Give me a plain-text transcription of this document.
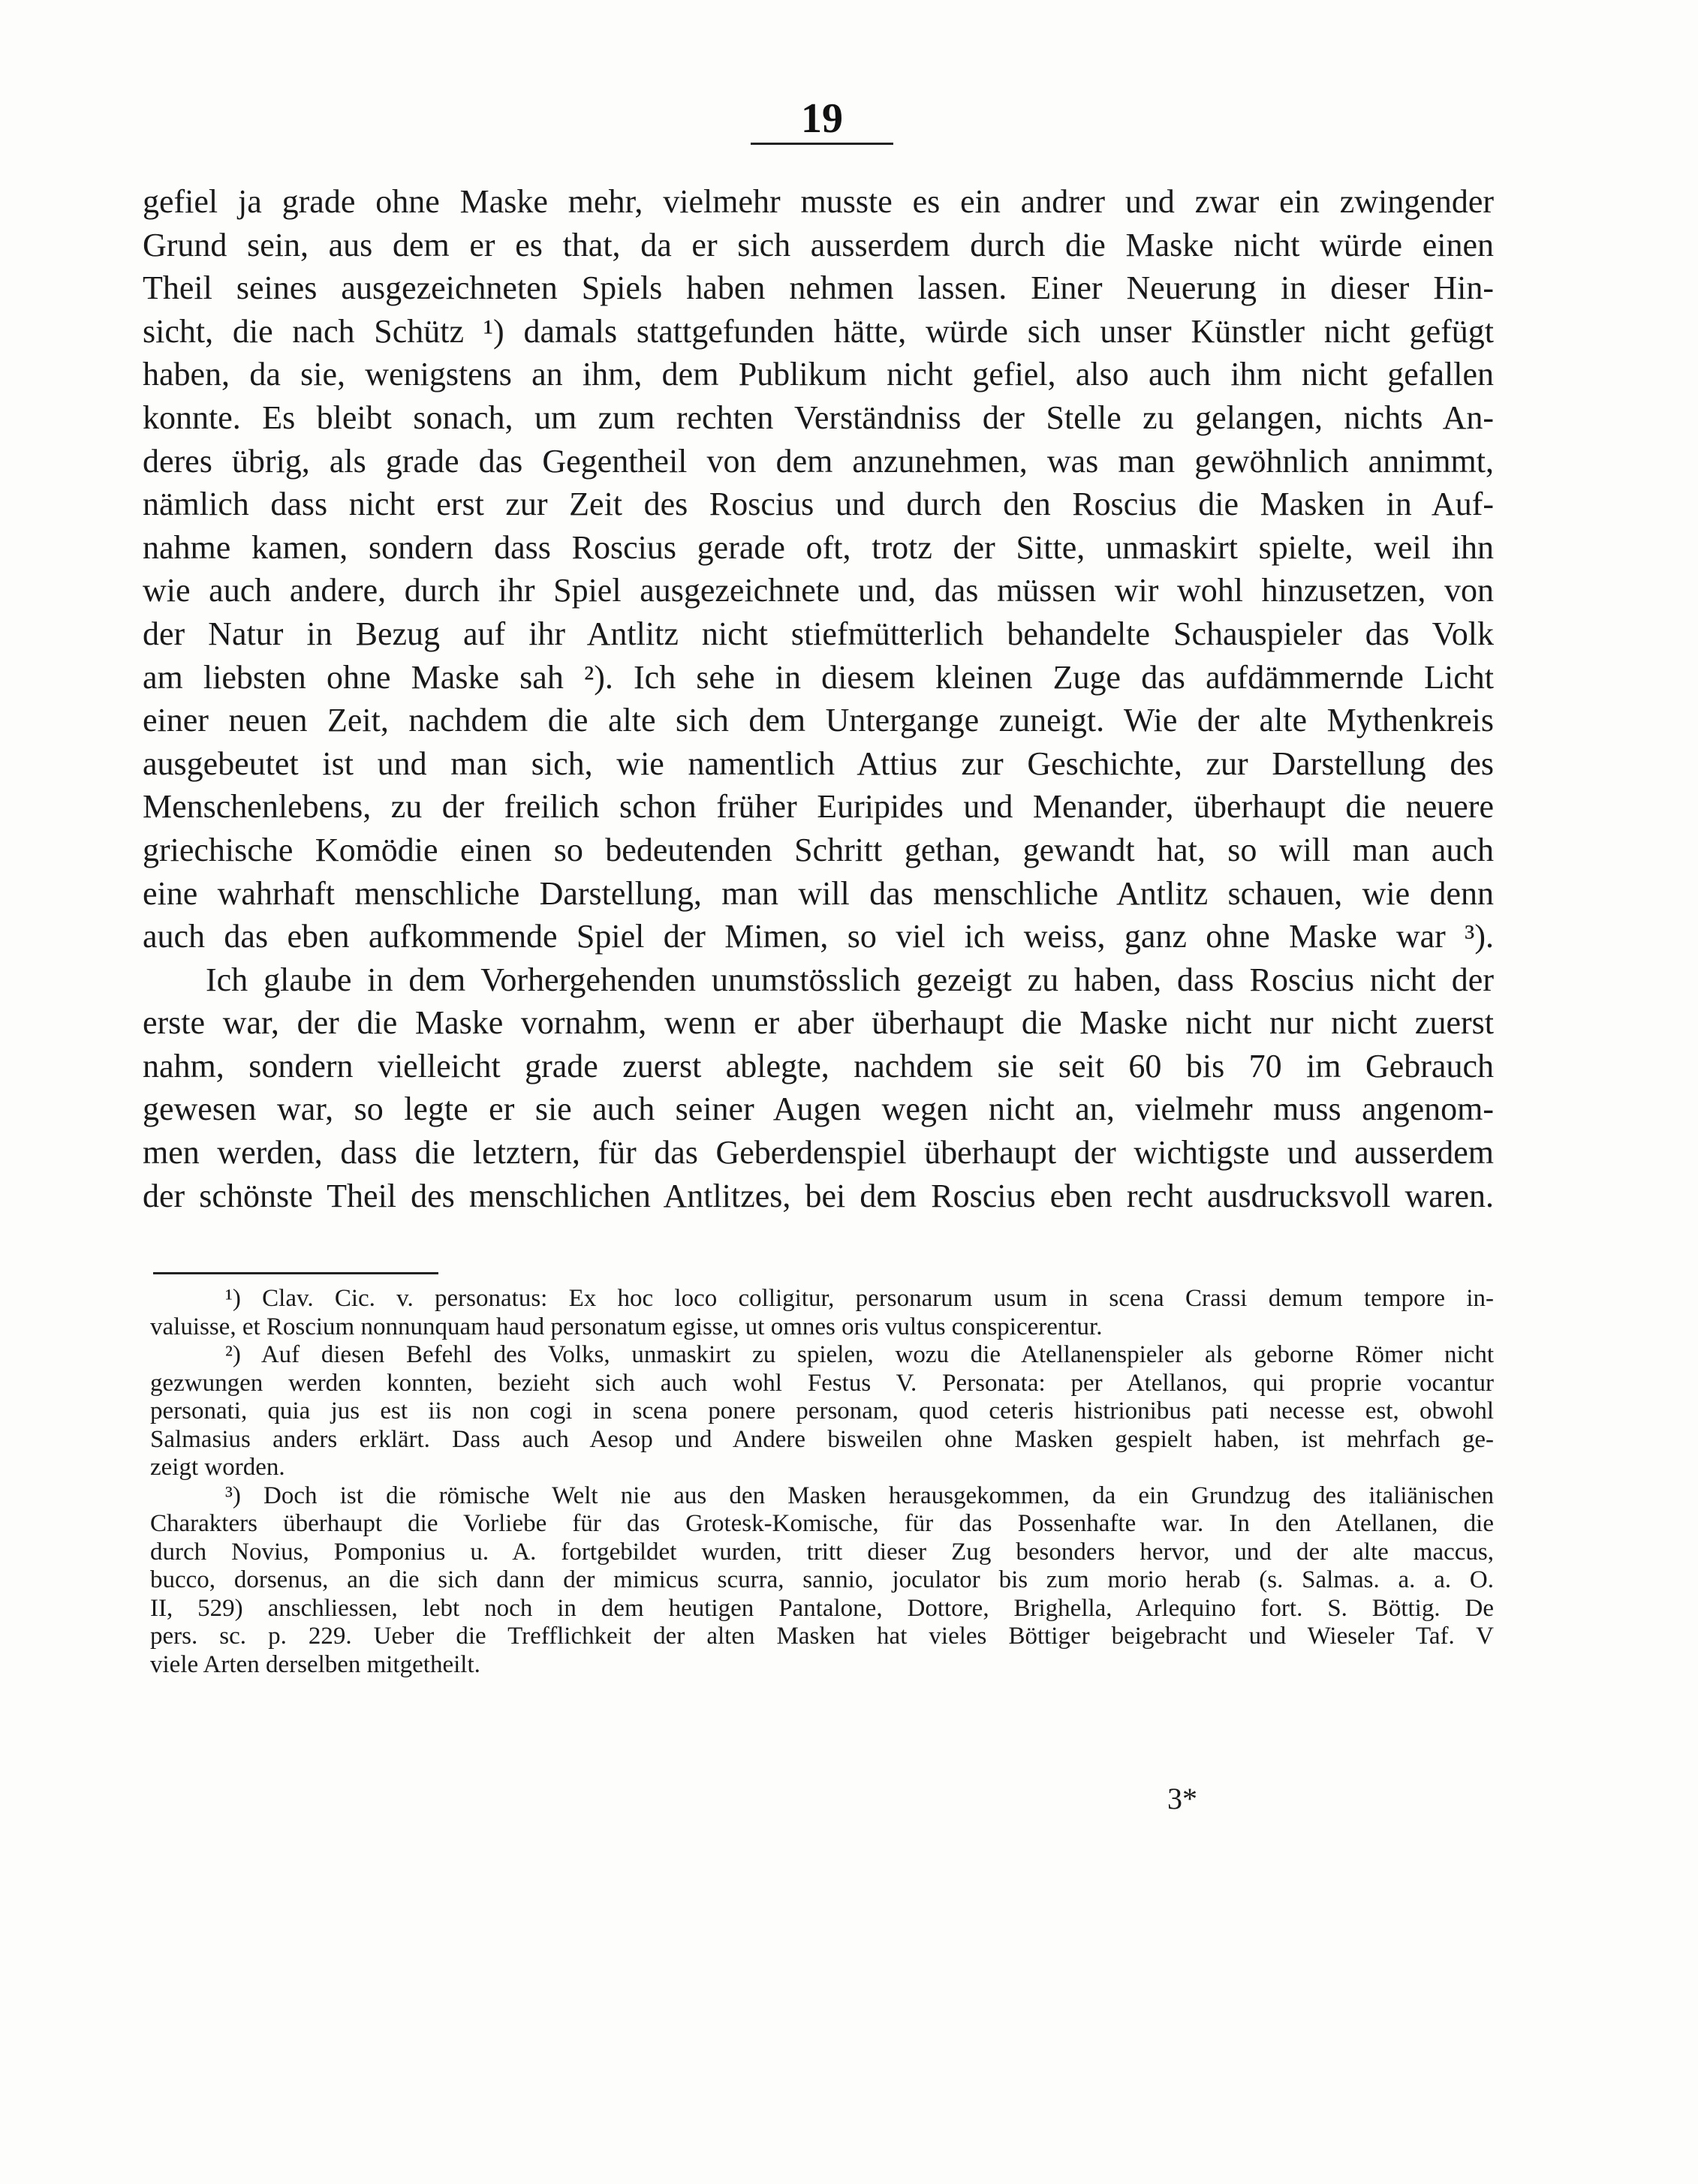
19
gefiel ja grade ohne Maske mehr, vielmehr musste es ein andrer und zwar ein zwingender
Grund sein, aus dem er es that, da er sich ausserdem durch die Maske nicht würde einen
Theil seines ausgezeichneten Spiels haben nehmen lassen. Einer Neuerung in dieser Hin-
sicht, die nach Schütz ¹) damals stattgefunden hätte, würde sich unser Künstler nicht gefügt
haben, da sie, wenigstens an ihm, dem Publikum nicht gefiel, also auch ihm nicht gefallen
konnte. Es bleibt sonach, um zum rechten Verständniss der Stelle zu gelangen, nichts An-
deres übrig, als grade das Gegentheil von dem anzunehmen, was man gewöhnlich annimmt,
nämlich dass nicht erst zur Zeit des Roscius und durch den Roscius die Masken in Auf-
nahme kamen, sondern dass Roscius gerade oft, trotz der Sitte, unmaskirt spielte, weil ihn
wie auch andere, durch ihr Spiel ausgezeichnete und, das müssen wir wohl hinzusetzen, von
der Natur in Bezug auf ihr Antlitz nicht stiefmütterlich behandelte Schauspieler das Volk
am liebsten ohne Maske sah ²). Ich sehe in diesem kleinen Zuge das aufdämmernde Licht
einer neuen Zeit, nachdem die alte sich dem Untergange zuneigt. Wie der alte Mythenkreis
ausgebeutet ist und man sich, wie namentlich Attius zur Geschichte, zur Darstellung des
Menschenlebens, zu der freilich schon früher Euripides und Menander, überhaupt die neuere
griechische Komödie einen so bedeutenden Schritt gethan, gewandt hat, so will man auch
eine wahrhaft menschliche Darstellung, man will das menschliche Antlitz schauen, wie denn
auch das eben aufkommende Spiel der Mimen, so viel ich weiss, ganz ohne Maske war ³).
Ich glaube in dem Vorhergehenden unumstösslich gezeigt zu haben, dass Roscius nicht der
erste war, der die Maske vornahm, wenn er aber überhaupt die Maske nicht nur nicht zuerst
nahm, sondern vielleicht grade zuerst ablegte, nachdem sie seit 60 bis 70 im Gebrauch
gewesen war, so legte er sie auch seiner Augen wegen nicht an, vielmehr muss angenom-
men werden, dass die letztern, für das Geberdenspiel überhaupt der wichtigste und ausserdem
der schönste Theil des menschlichen Antlitzes, bei dem Roscius eben recht ausdrucksvoll waren.
¹) Clav. Cic. v. personatus: Ex hoc loco colligitur, personarum usum in scena Crassi demum tempore in-
valuisse, et Roscium nonnunquam haud personatum egisse, ut omnes oris vultus conspicerentur.
²) Auf diesen Befehl des Volks, unmaskirt zu spielen, wozu die Atellanenspieler als geborne Römer nicht
gezwungen werden konnten, bezieht sich auch wohl Festus V. Personata: per Atellanos, qui proprie vocantur
personati, quia jus est iis non cogi in scena ponere personam, quod ceteris histrionibus pati necesse est, obwohl
Salmasius anders erklärt. Dass auch Aesop und Andere bisweilen ohne Masken gespielt haben, ist mehrfach ge-
zeigt worden.
³) Doch ist die römische Welt nie aus den Masken herausgekommen, da ein Grundzug des italiänischen
Charakters überhaupt die Vorliebe für das Grotesk-Komische, für das Possenhafte war. In den Atellanen, die
durch Novius, Pomponius u. A. fortgebildet wurden, tritt dieser Zug besonders hervor, und der alte maccus,
bucco, dorsenus, an die sich dann der mimicus scurra, sannio, joculator bis zum morio herab (s. Salmas. a. a. O.
II, 529) anschliessen, lebt noch in dem heutigen Pantalone, Dottore, Brighella, Arlequino fort. S. Böttig. De
pers. sc. p. 229. Ueber die Trefflichkeit der alten Masken hat vieles Böttiger beigebracht und Wieseler Taf. V
viele Arten derselben mitgetheilt.
3*
